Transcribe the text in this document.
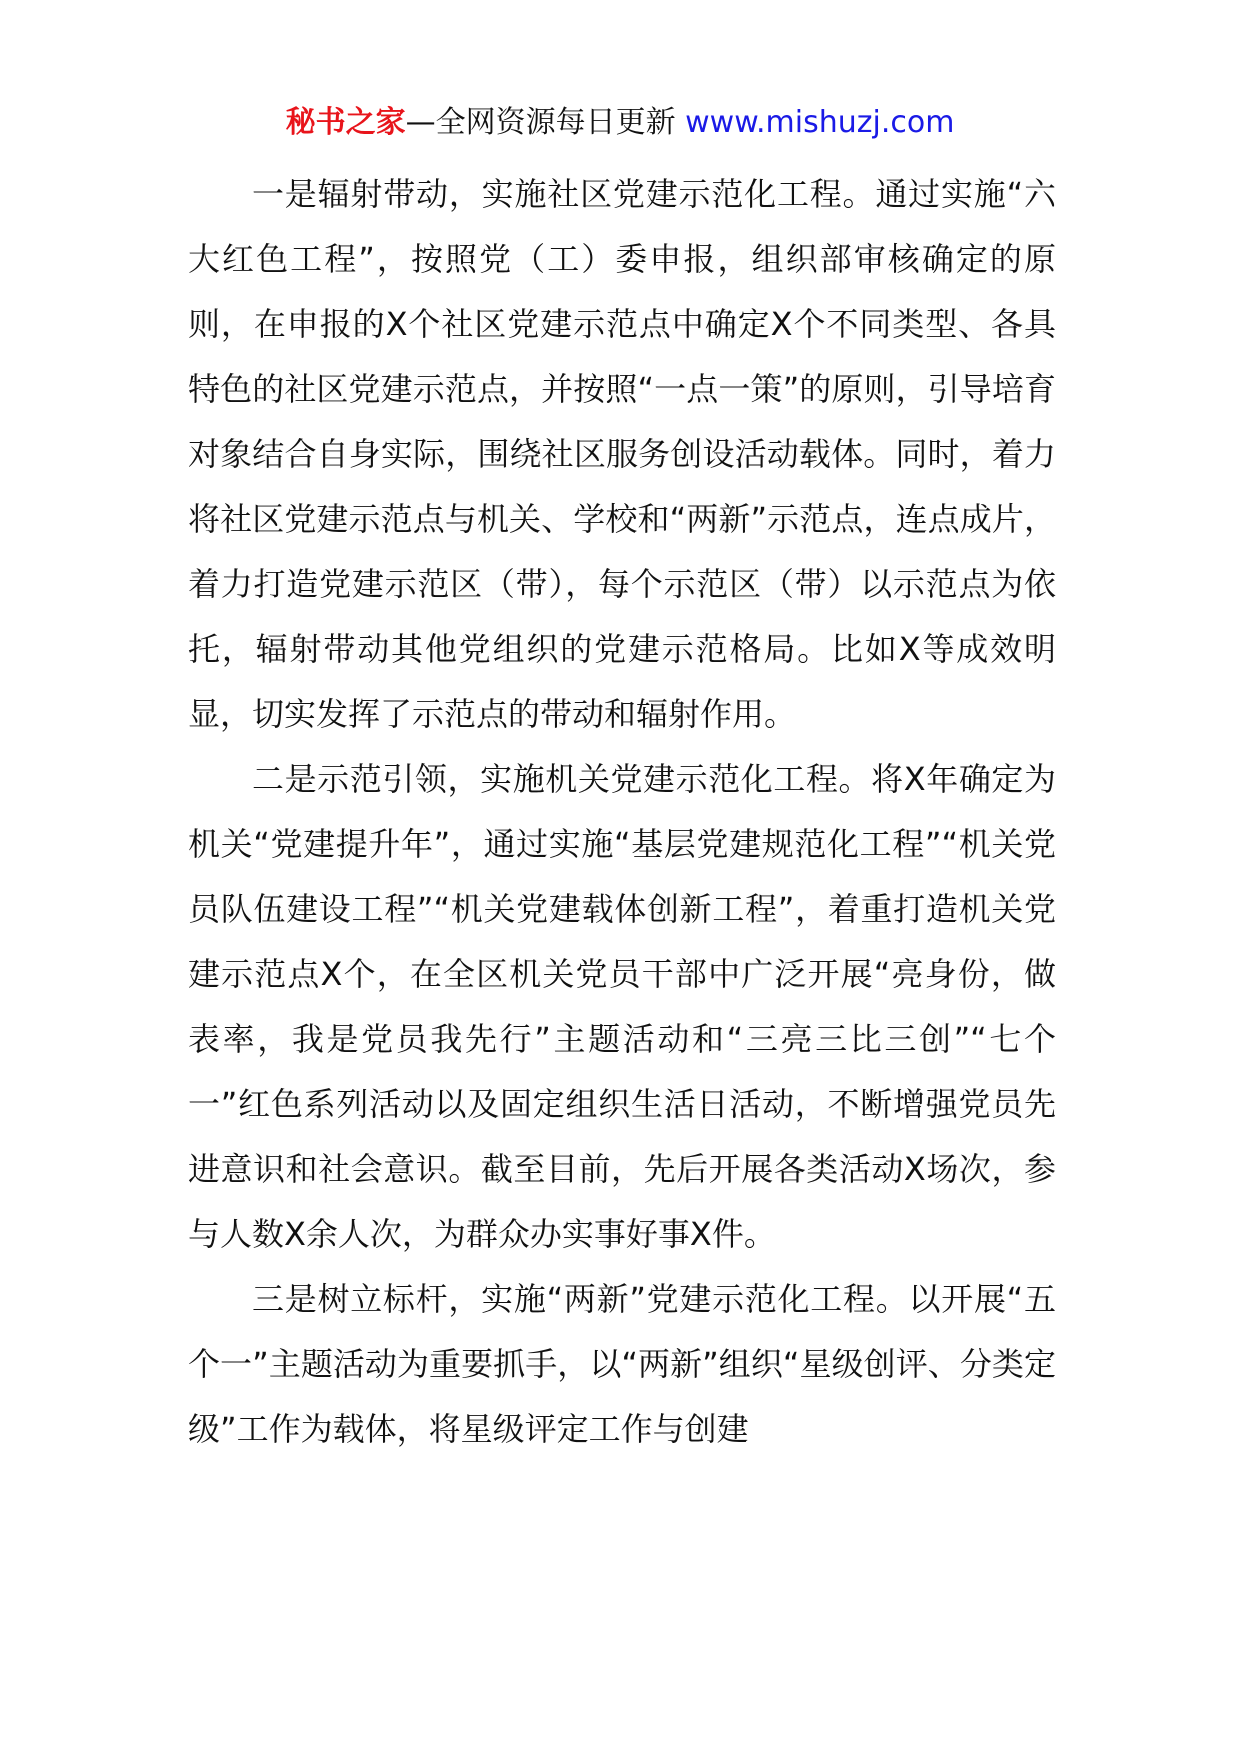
秘书之家—全网资源每日更新 www.mishuzj.com

一是辐射带动，实施社区党建示范化工程。通过实施“六大红色工程”，按照党（工）委申报，组织部审核确定的原则，在申报的X个社区党建示范点中确定X个不同类型、各具特色的社区党建示范点，并按照“一点一策”的原则，引导培育对象结合自身实际，围绕社区服务创设活动载体。同时，着力将社区党建示范点与机关、学校和“两新”示范点，连点成片，着力打造党建示范区（带），每个示范区（带）以示范点为依托，辐射带动其他党组织的党建示范格局。比如X等成效明显，切实发挥了示范点的带动和辐射作用。

二是示范引领，实施机关党建示范化工程。将X年确定为机关“党建提升年”，通过实施“基层党建规范化工程”“机关党员队伍建设工程”“机关党建载体创新工程”，着重打造机关党建示范点X个，在全区机关党员干部中广泛开展“亮身份，做表率，我是党员我先行”主题活动和“三亮三比三创”“七个一”红色系列活动以及固定组织生活日活动，不断增强党员先进意识和社会意识。截至目前，先后开展各类活动X场次，参与人数X余人次，为群众办实事好事X件。

三是树立标杆，实施“两新”党建示范化工程。以开展“五个一”主题活动为重要抓手，以“两新”组织“星级创评、分类定级”工作为载体，将星级评定工作与创建
